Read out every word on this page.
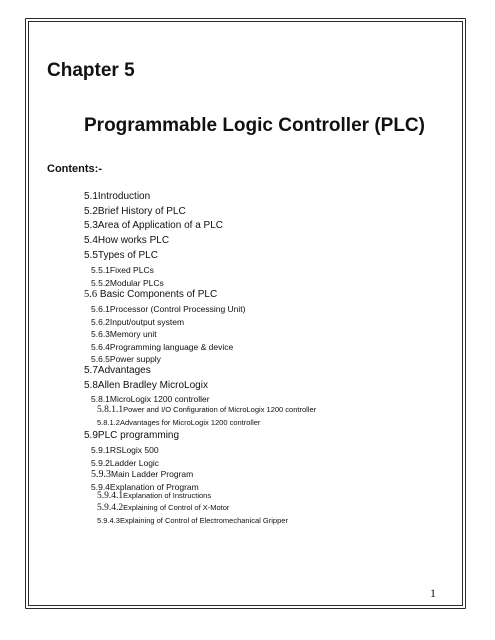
Chapter 5
Programmable Logic Controller (PLC)

Contents:-

5.1Introduction
5.2Brief History of PLC
5.3Area of Application of a PLC
5.4How works PLC
5.5Types of PLC
5.5.1Fixed PLCs
5.5.2Modular PLCs
5.6 Basic Components of PLC
5.6.1Processor (Control Processing Unit)
5.6.2Input/output system
5.6.3Memory unit
5.6.4Programming language & device
5.6.5Power supply
5.7Advantages
5.8Allen Bradley MicroLogix
5.8.1MicroLogix 1200 controller
5.8.1.1Power and I/O Configuration of MicroLogix 1200 controller
5.8.1.2Advantages for MicroLogix 1200 controller
5.9PLC programming
5.9.1RSLogix 500
5.9.2Ladder Logic
5.9.3Main Ladder Program
5.9.4Explanation of Program
5.9.4.1Explanation of Instructions
5.9.4.2Explaining of Control of X-Motor
5.9.4.3Explaining of Control of Electromechanical Gripper
1
